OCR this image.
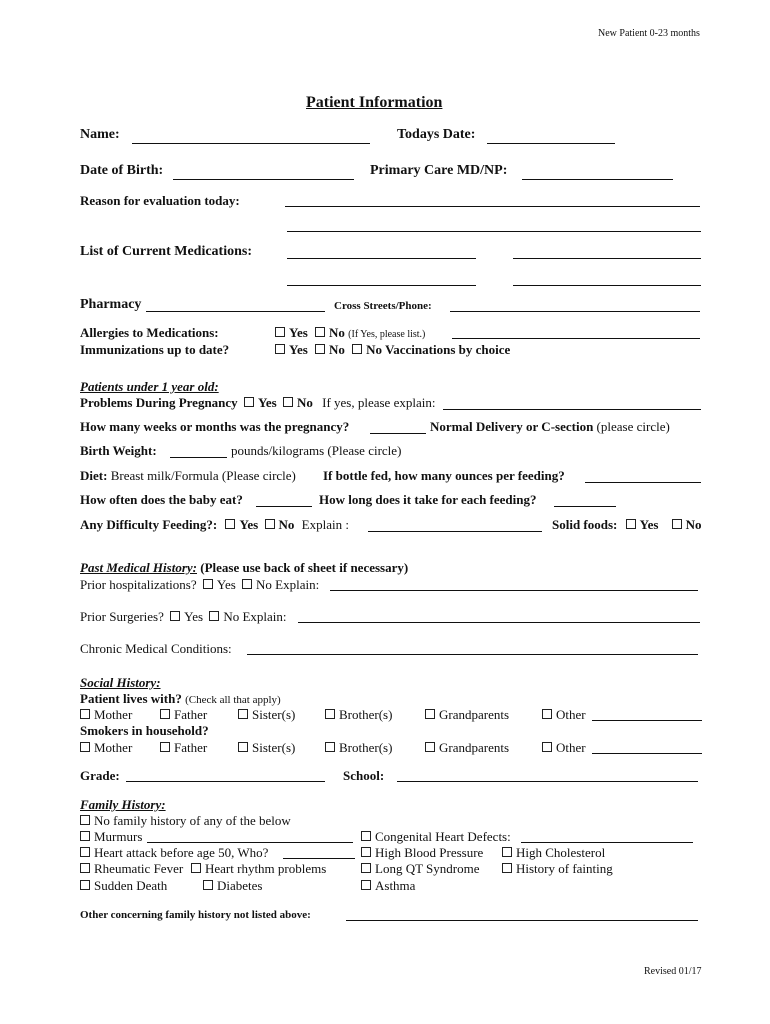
New Patient 0-23 months
Patient Information
Name:	Todays Date:
Date of Birth:	Primary Care MD/NP:
Reason for evaluation today:
List of Current Medications:
Pharmacy	Cross Streets/Phone:
Allergies to Medications:	Yes No (If Yes, please list.)
Immunizations up to date?	Yes No No Vaccinations by choice
Patients under 1 year old:
Problems During Pregnancy Yes No If yes, please explain:
How many weeks or months was the pregnancy?	Normal Delivery or C-section (please circle)
Birth Weight:	pounds/kilograms (Please circle)
Diet: Breast milk/Formula (Please circle) If bottle fed, how many ounces per feeding?
How often does the baby eat?	How long does it take for each feeding?
Any Difficulty Feeding?: Yes No Explain :	Solid foods: Yes No
Past Medical History: (Please use back of sheet if necessary)
Prior hospitalizations? Yes No Explain:
Prior Surgeries? Yes No Explain:
Chronic Medical Conditions:
Social History:
Patient lives with? (Check all that apply)
Mother	Father	Sister(s)	Brother(s)	Grandparents	Other
Smokers in household?
Mother	Father	Sister(s)	Brother(s)	Grandparents	Other
Grade:	School:
Family History:
No family history of any of the below
Murmurs	Congenital Heart Defects:
Heart attack before age 50, Who?	High Blood Pressure	High Cholesterol
Rheumatic Fever	Heart rhythm problems	Long QT Syndrome	History of fainting
Sudden Death	Diabetes	Asthma
Other concerning family history not listed above:
Revised 01/17
